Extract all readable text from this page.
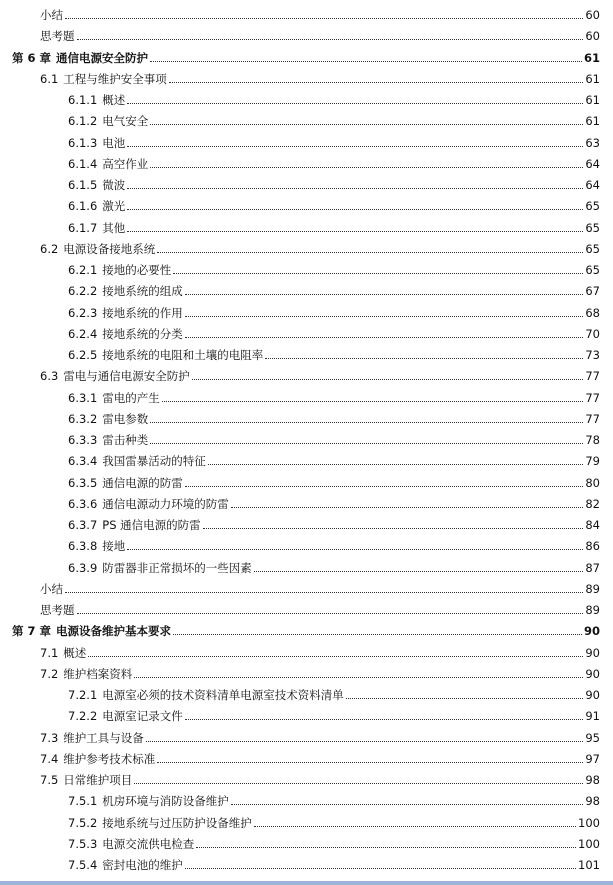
小结	60
思考题	60
第 6 章 通信电源安全防护	61
6.1 工程与维护安全事项	61
6.1.1 概述	61
6.1.2 电气安全	61
6.1.3 电池	63
6.1.4 高空作业	64
6.1.5 微波	64
6.1.6 激光	65
6.1.7 其他	65
6.2 电源设备接地系统	65
6.2.1 接地的必要性	65
6.2.2 接地系统的组成	67
6.2.3 接地系统的作用	68
6.2.4 接地系统的分类	70
6.2.5 接地系统的电阻和土壤的电阻率	73
6.3 雷电与通信电源安全防护	77
6.3.1 雷电的产生	77
6.3.2 雷电参数	77
6.3.3 雷击种类	78
6.3.4 我国雷暴活动的特征	79
6.3.5 通信电源的防雷	80
6.3.6 通信电源动力环境的防雷	82
6.3.7 PS 通信电源的防雷	84
6.3.8 接地	86
6.3.9 防雷器非正常损坏的一些因素	87
小结	89
思考题	89
第 7 章 电源设备维护基本要求	90
7.1 概述	90
7.2 维护档案资料	90
7.2.1 电源室必须的技术资料清单电源室技术资料清单	90
7.2.2 电源室记录文件	91
7.3 维护工具与设备	95
7.4 维护参考技术标准	97
7.5 日常维护项目	98
7.5.1 机房环境与消防设备维护	98
7.5.2 接地系统与过压防护设备维护	100
7.5.3 电源交流供电检查	100
7.5.4 密封电池的维护	101
